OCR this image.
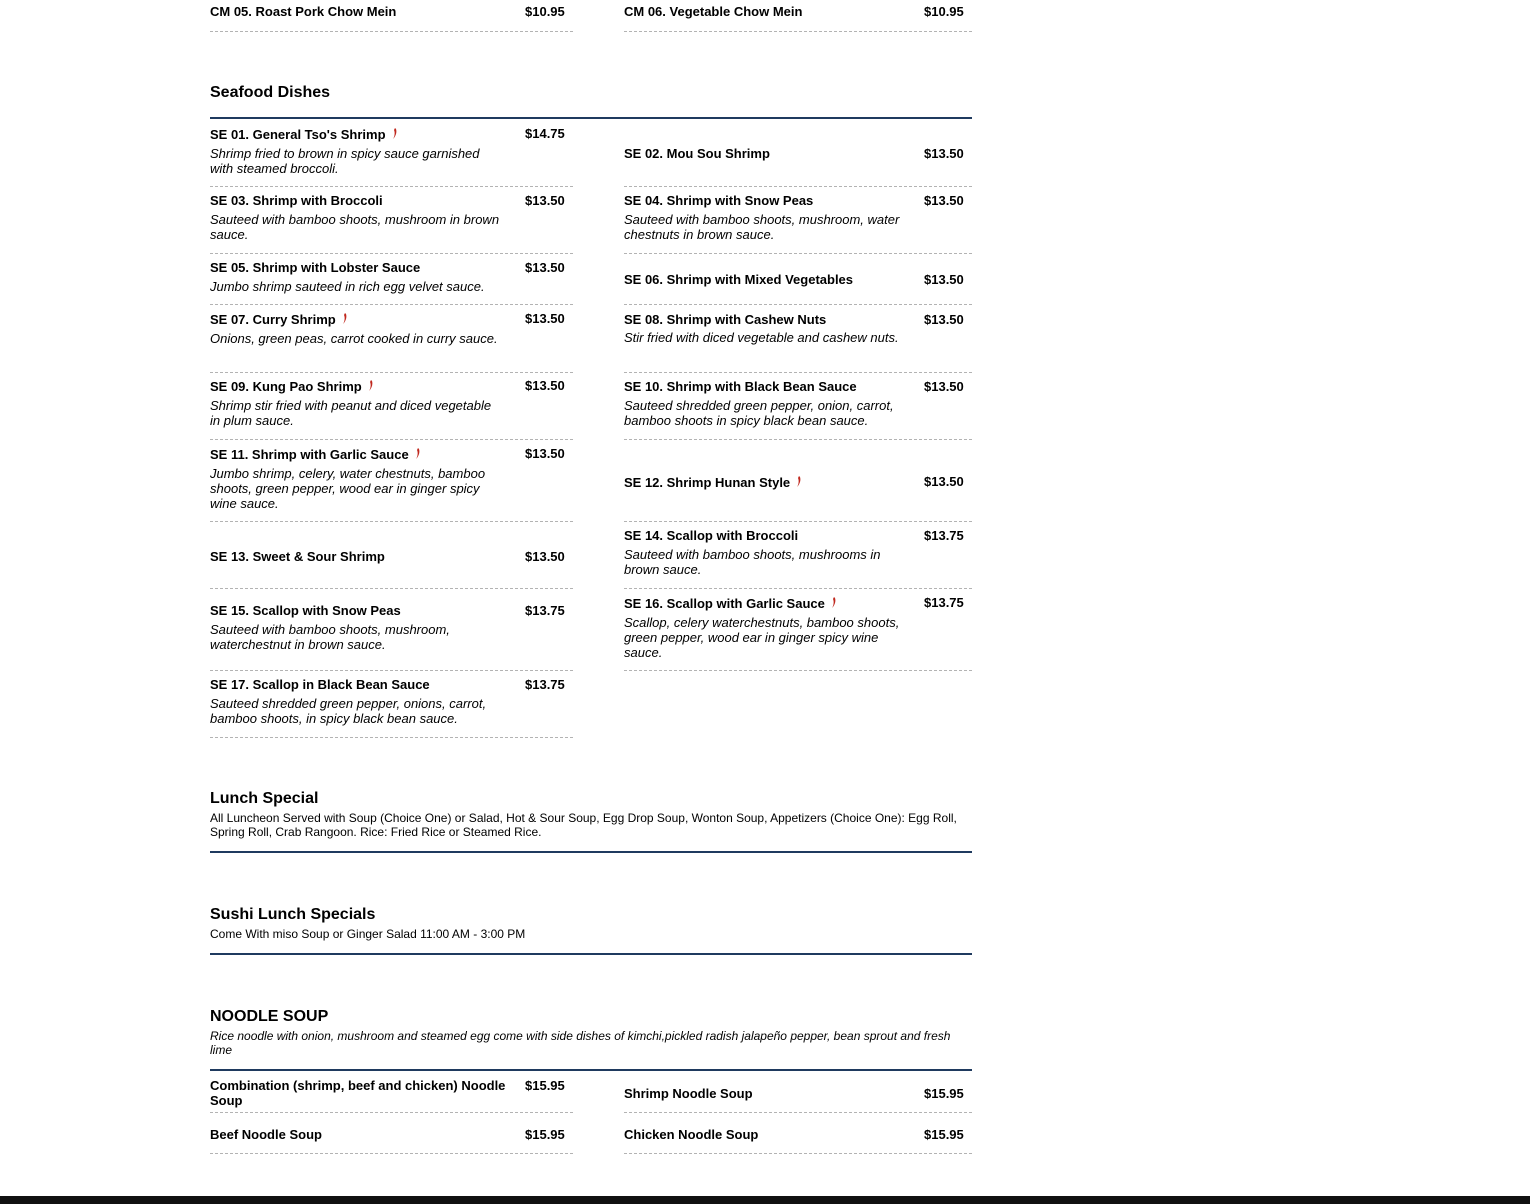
CM 05. Roast Pork Chow Mein	$10.95	CM 06. Vegetable Chow Mein	$10.95
Seafood Dishes
SE 01. General Tso's Shrimp	$14.75
Shrimp fried to brown in spicy sauce garnished with steamed broccoli.
SE 02. Mou Sou Shrimp	$13.50
SE 03. Shrimp with Broccoli	$13.50
Sauteed with bamboo shoots, mushroom in brown sauce.
SE 04. Shrimp with Snow Peas	$13.50
Sauteed with bamboo shoots, mushroom, water chestnuts in brown sauce.
SE 05. Shrimp with Lobster Sauce	$13.50
Jumbo shrimp sauteed in rich egg velvet sauce.	SE 06. Shrimp with Mixed Vegetables	$13.50
SE 07. Curry Shrimp	$13.50
Onions, green peas, carrot cooked in curry sauce.
SE 08. Shrimp with Cashew Nuts	$13.50
Stir fried with diced vegetable and cashew nuts.
SE 09. Kung Pao Shrimp	$13.50
Shrimp stir fried with peanut and diced vegetable in plum sauce.
SE 10. Shrimp with Black Bean Sauce	$13.50
Sauteed shredded green pepper, onion, carrot, bamboo shoots in spicy black bean sauce.
SE 11. Shrimp with Garlic Sauce	$13.50
Jumbo shrimp, celery, water chestnuts, bamboo shoots, green pepper, wood ear in ginger spicy wine sauce.
SE 12. Shrimp Hunan Style	$13.50
SE 13. Sweet & Sour Shrimp	$13.50
SE 14. Scallop with Broccoli	$13.75
Sauteed with bamboo shoots, mushrooms in brown sauce.
SE 15. Scallop with Snow Peas	$13.75
Sauteed with bamboo shoots, mushroom, waterchestnut in brown sauce.
SE 16. Scallop with Garlic Sauce	$13.75
Scallop, celery waterchestnuts, bamboo shoots, green pepper, wood ear in ginger spicy wine sauce.
SE 17. Scallop in Black Bean Sauce	$13.75
Sauteed shredded green pepper, onions, carrot, bamboo shoots, in spicy black bean sauce.
Lunch Special
All Luncheon Served with Soup (Choice One) or Salad, Hot & Sour Soup, Egg Drop Soup, Wonton Soup, Appetizers (Choice One): Egg Roll, Spring Roll, Crab Rangoon. Rice: Fried Rice or Steamed Rice.
Sushi Lunch Specials
Come With miso Soup or Ginger Salad 11:00 AM - 3:00 PM
NOODLE SOUP
Rice noodle with onion, mushroom and steamed egg come with side dishes of kimchi,pickled radish jalapeño pepper, bean sprout and fresh lime
Combination (shrimp, beef and chicken) Noodle Soup
$15.95
Shrimp Noodle Soup	$15.95
Beef Noodle Soup	$15.95	Chicken Noodle Soup	$15.95
